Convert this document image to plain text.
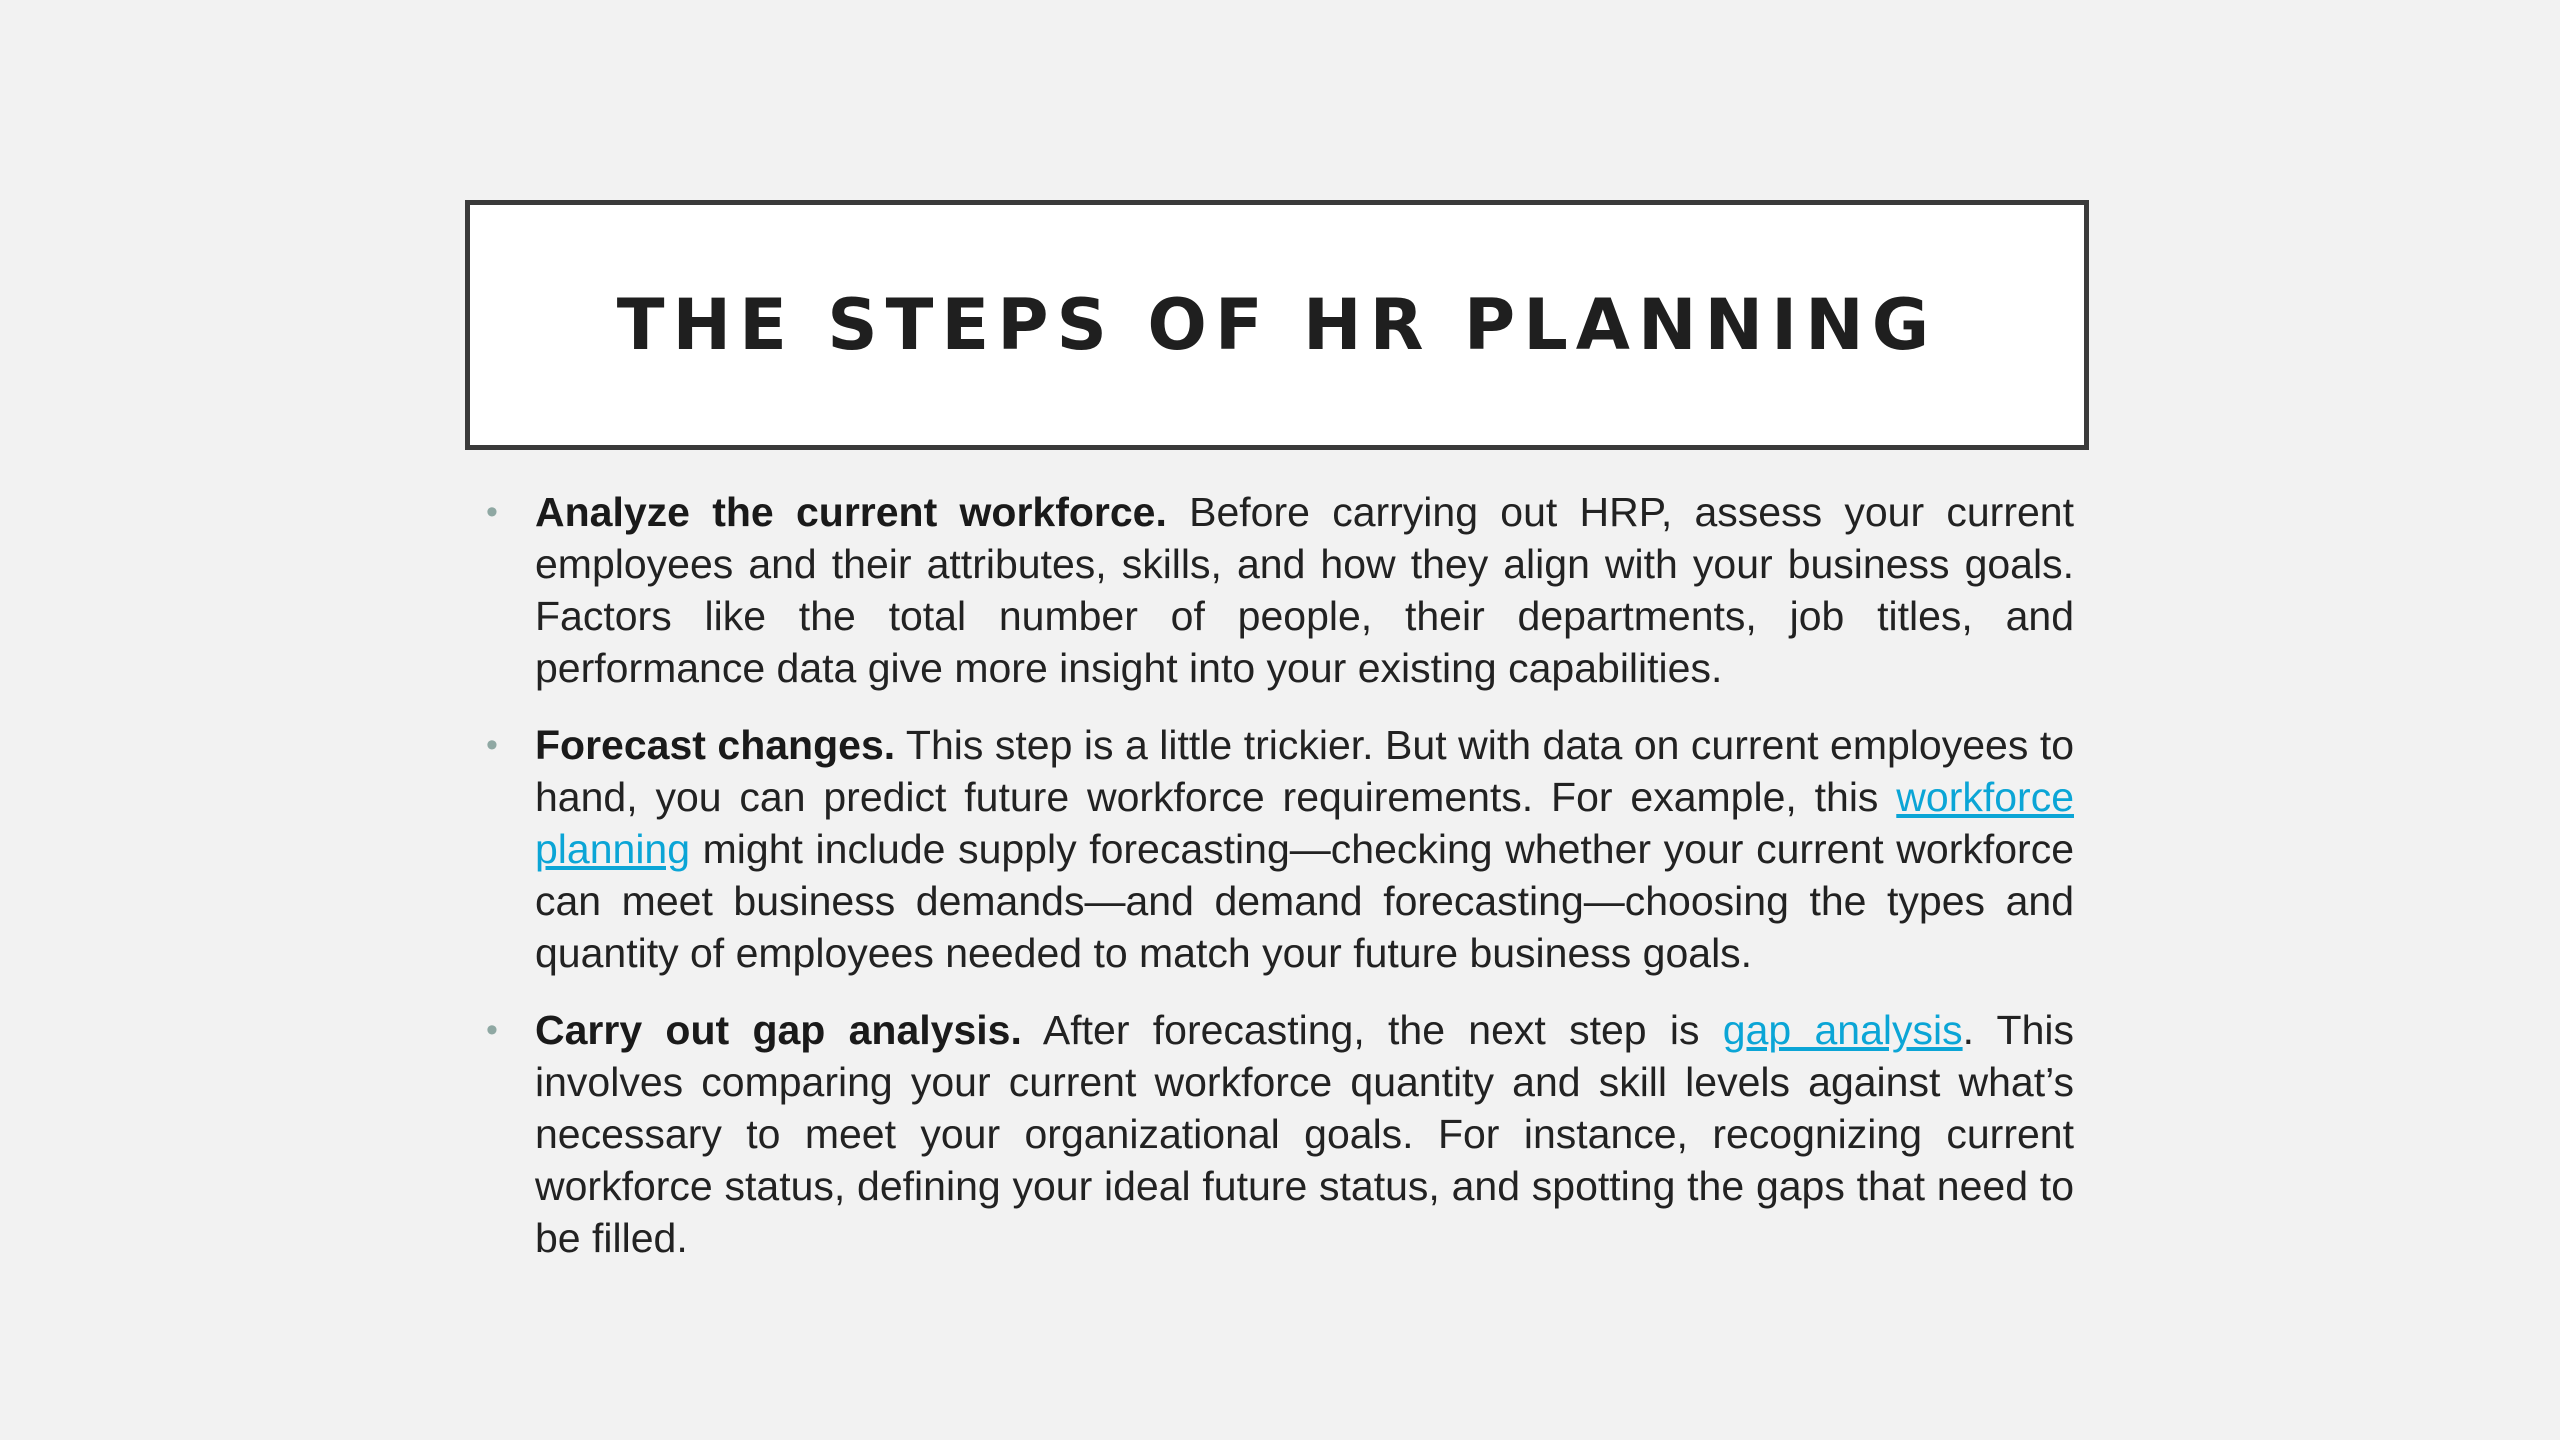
THE STEPS OF HR PLANNING
• Analyze the current workforce. Before carrying out HRP, assess your current employees and their attributes, skills, and how they align with your business goals. Factors like the total number of people, their departments, job titles, and performance data give more insight into your existing capabilities.
• Forecast changes. This step is a little trickier. But with data on current employees to hand, you can predict future workforce requirements. For example, this workforce planning might include supply forecasting—checking whether your current workforce can meet business demands—and demand forecasting—choosing the types and quantity of employees needed to match your future business goals.
• Carry out gap analysis. After forecasting, the next step is gap analysis. This involves comparing your current workforce quantity and skill levels against what’s necessary to meet your organizational goals. For instance, recognizing current workforce status, defining your ideal future status, and spotting the gaps that need to be filled.
